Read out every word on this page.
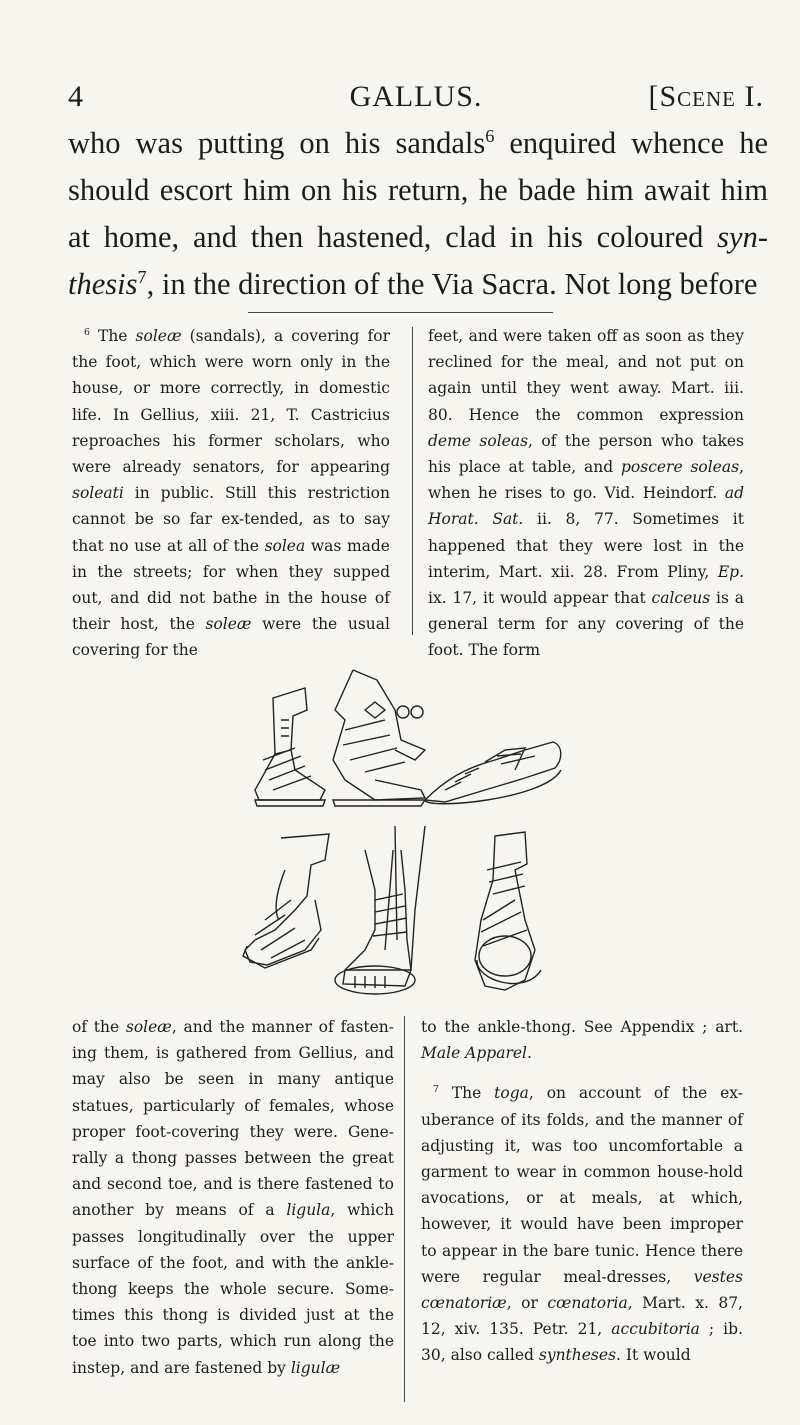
4	GALLUS.	[Scene I.

who was putting on his sandals$^6$ enquired whence he should escort him on his return, he bade him await him at home, and then hastened, clad in his coloured syn-thesis$^7$, in the direction of the Via Sacra. Not long before

$^6$ The soleæ (sandals), a covering for the foot, which were worn only in the house, or more correctly, in domestic life. In Gellius, xiii. 21, T. Castricius reproaches his former scholars, who were already senators, for appearing soleati in public. Still this restriction cannot be so far ex-tended, as to say that no use at all of the solea was made in the streets; for when they supped out, and did not bathe in the house of their host, the soleæ were the usual covering for the

feet, and were taken off as soon as they reclined for the meal, and not put on again until they went away. Mart. iii. 80. Hence the common expression deme soleas, of the person who takes his place at table, and poscere soleas, when he rises to go. Vid. Heindorf. ad Horat. Sat. ii. 8, 77. Sometimes it happened that they were lost in the interim, Mart. xii. 28. From Pliny, Ep. ix. 17, it would appear that calceus is a general term for any covering of the foot. The form

of the soleæ, and the manner of fasten-ing them, is gathered from Gellius, and may also be seen in many antique statues, particularly of females, whose proper foot-covering they were. Gene-rally a thong passes between the great and second toe, and is there fastened to another by means of a ligula, which passes longitudinally over the upper surface of the foot, and with the ankle-thong keeps the whole secure. Some-times this thong is divided just at the toe into two parts, which run along the instep, and are fastened by ligulæ

to the ankle-thong. See Appendix ; art. Male Apparel.

$^7$ The toga, on account of the ex-uberance of its folds, and the manner of adjusting it, was too uncomfortable a garment to wear in common house-hold avocations, or at meals, at which, however, it would have been improper to appear in the bare tunic. Hence there were regular meal-dresses, vestes cœnatoriæ, or cœnatoria, Mart. x. 87, 12, xiv. 135. Petr. 21, accubitoria ; ib. 30, also called syntheses. It would
